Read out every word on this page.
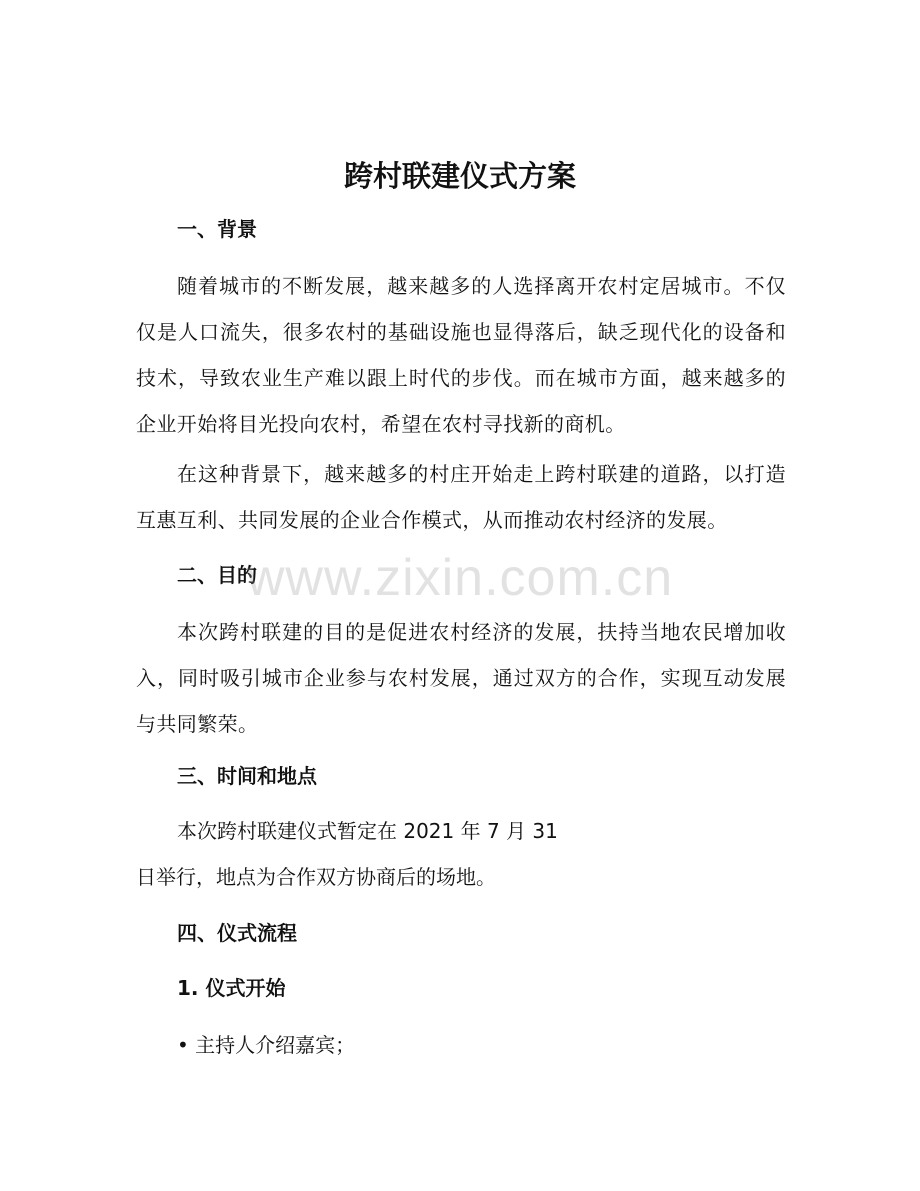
跨村联建仪式方案
一、背景

随着城市的不断发展，越来越多的人选择离开农村定居城市。不仅仅是人口流失，很多农村的基础设施也显得落后，缺乏现代化的设备和技术，导致农业生产难以跟上时代的步伐。而在城市方面，越来越多的企业开始将目光投向农村，希望在农村寻找新的商机。

在这种背景下，越来越多的村庄开始走上跨村联建的道路，以打造互惠互利、共同发展的企业合作模式，从而推动农村经济的发展。

二、目的

本次跨村联建的目的是促进农村经济的发展，扶持当地农民增加收入，同时吸引城市企业参与农村发展，通过双方的合作，实现互动发展与共同繁荣。

三、时间和地点

本次跨村联建仪式暂定在 2021 年 7 月 31

日举行，地点为合作双方协商后的场地。

四、仪式流程
1. 仪式开始

• 主持人介绍嘉宾；

www.zixin.com.cn
